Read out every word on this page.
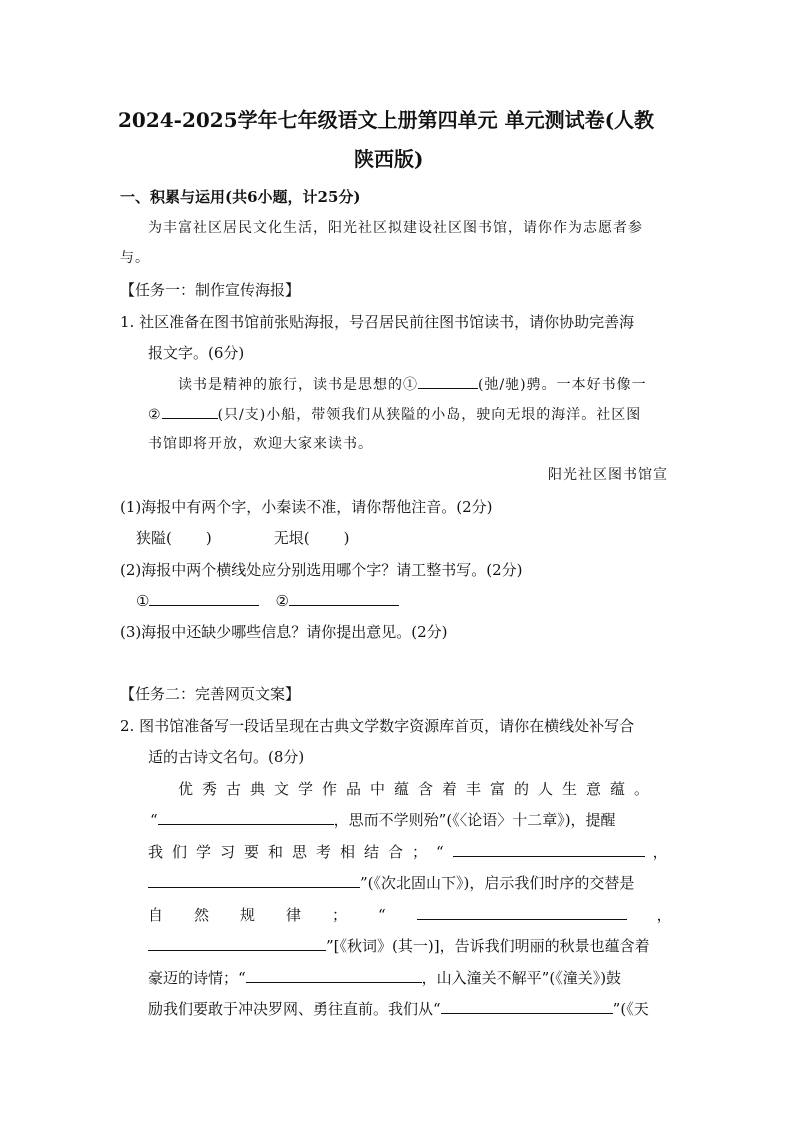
2024-2025学年七年级语文上册第四单元 单元测试卷(人教
陕西版)
一、积累与运用(共6小题，计25分)
为丰富社区居民文化生活，阳光社区拟建设社区图书馆，请你作为志愿者参
与。
【任务一：制作宣传海报】
1. 社区准备在图书馆前张贴海报，号召居民前往图书馆读书，请你协助完善海
报文字。(6分)
读书是精神的旅行，读书是思想的①	(弛/驰)骋。一本好书像一
②	(只/支)小船，带领我们从狭隘的小岛，驶向无垠的海洋。社区图
书馆即将开放，欢迎大家来读书。
阳光社区图书馆宣
(1)海报中有两个字，小秦读不准，请你帮他注音。(2分)
狭隘( )	无垠( )
(2)海报中两个横线处应分别选用哪个字？请工整书写。(2分)
①	②
(3)海报中还缺少哪些信息？请你提出意见。(2分)
【任务二：完善网页文案】
2. 图书馆准备写一段话呈现在古典文学数字资源库首页，请你在横线处补写合
适的古诗文名句。(8分)
优秀古典文学作品中蕴含着丰富的人生意蕴。
“	，思而不学则殆”(《〈论语〉十二章》)，提醒
我们学习要和思考相结合；“	，
”(《次北固山下》)，启示我们时序的交替是
自然规律；“	，
”[《秋词》(其一)]，告诉我们明丽的秋景也蕴含着
豪迈的诗情；“	，山入潼关不解平”(《潼关》)鼓
励我们要敢于冲决罗网、勇往直前。我们从“	”(《天
